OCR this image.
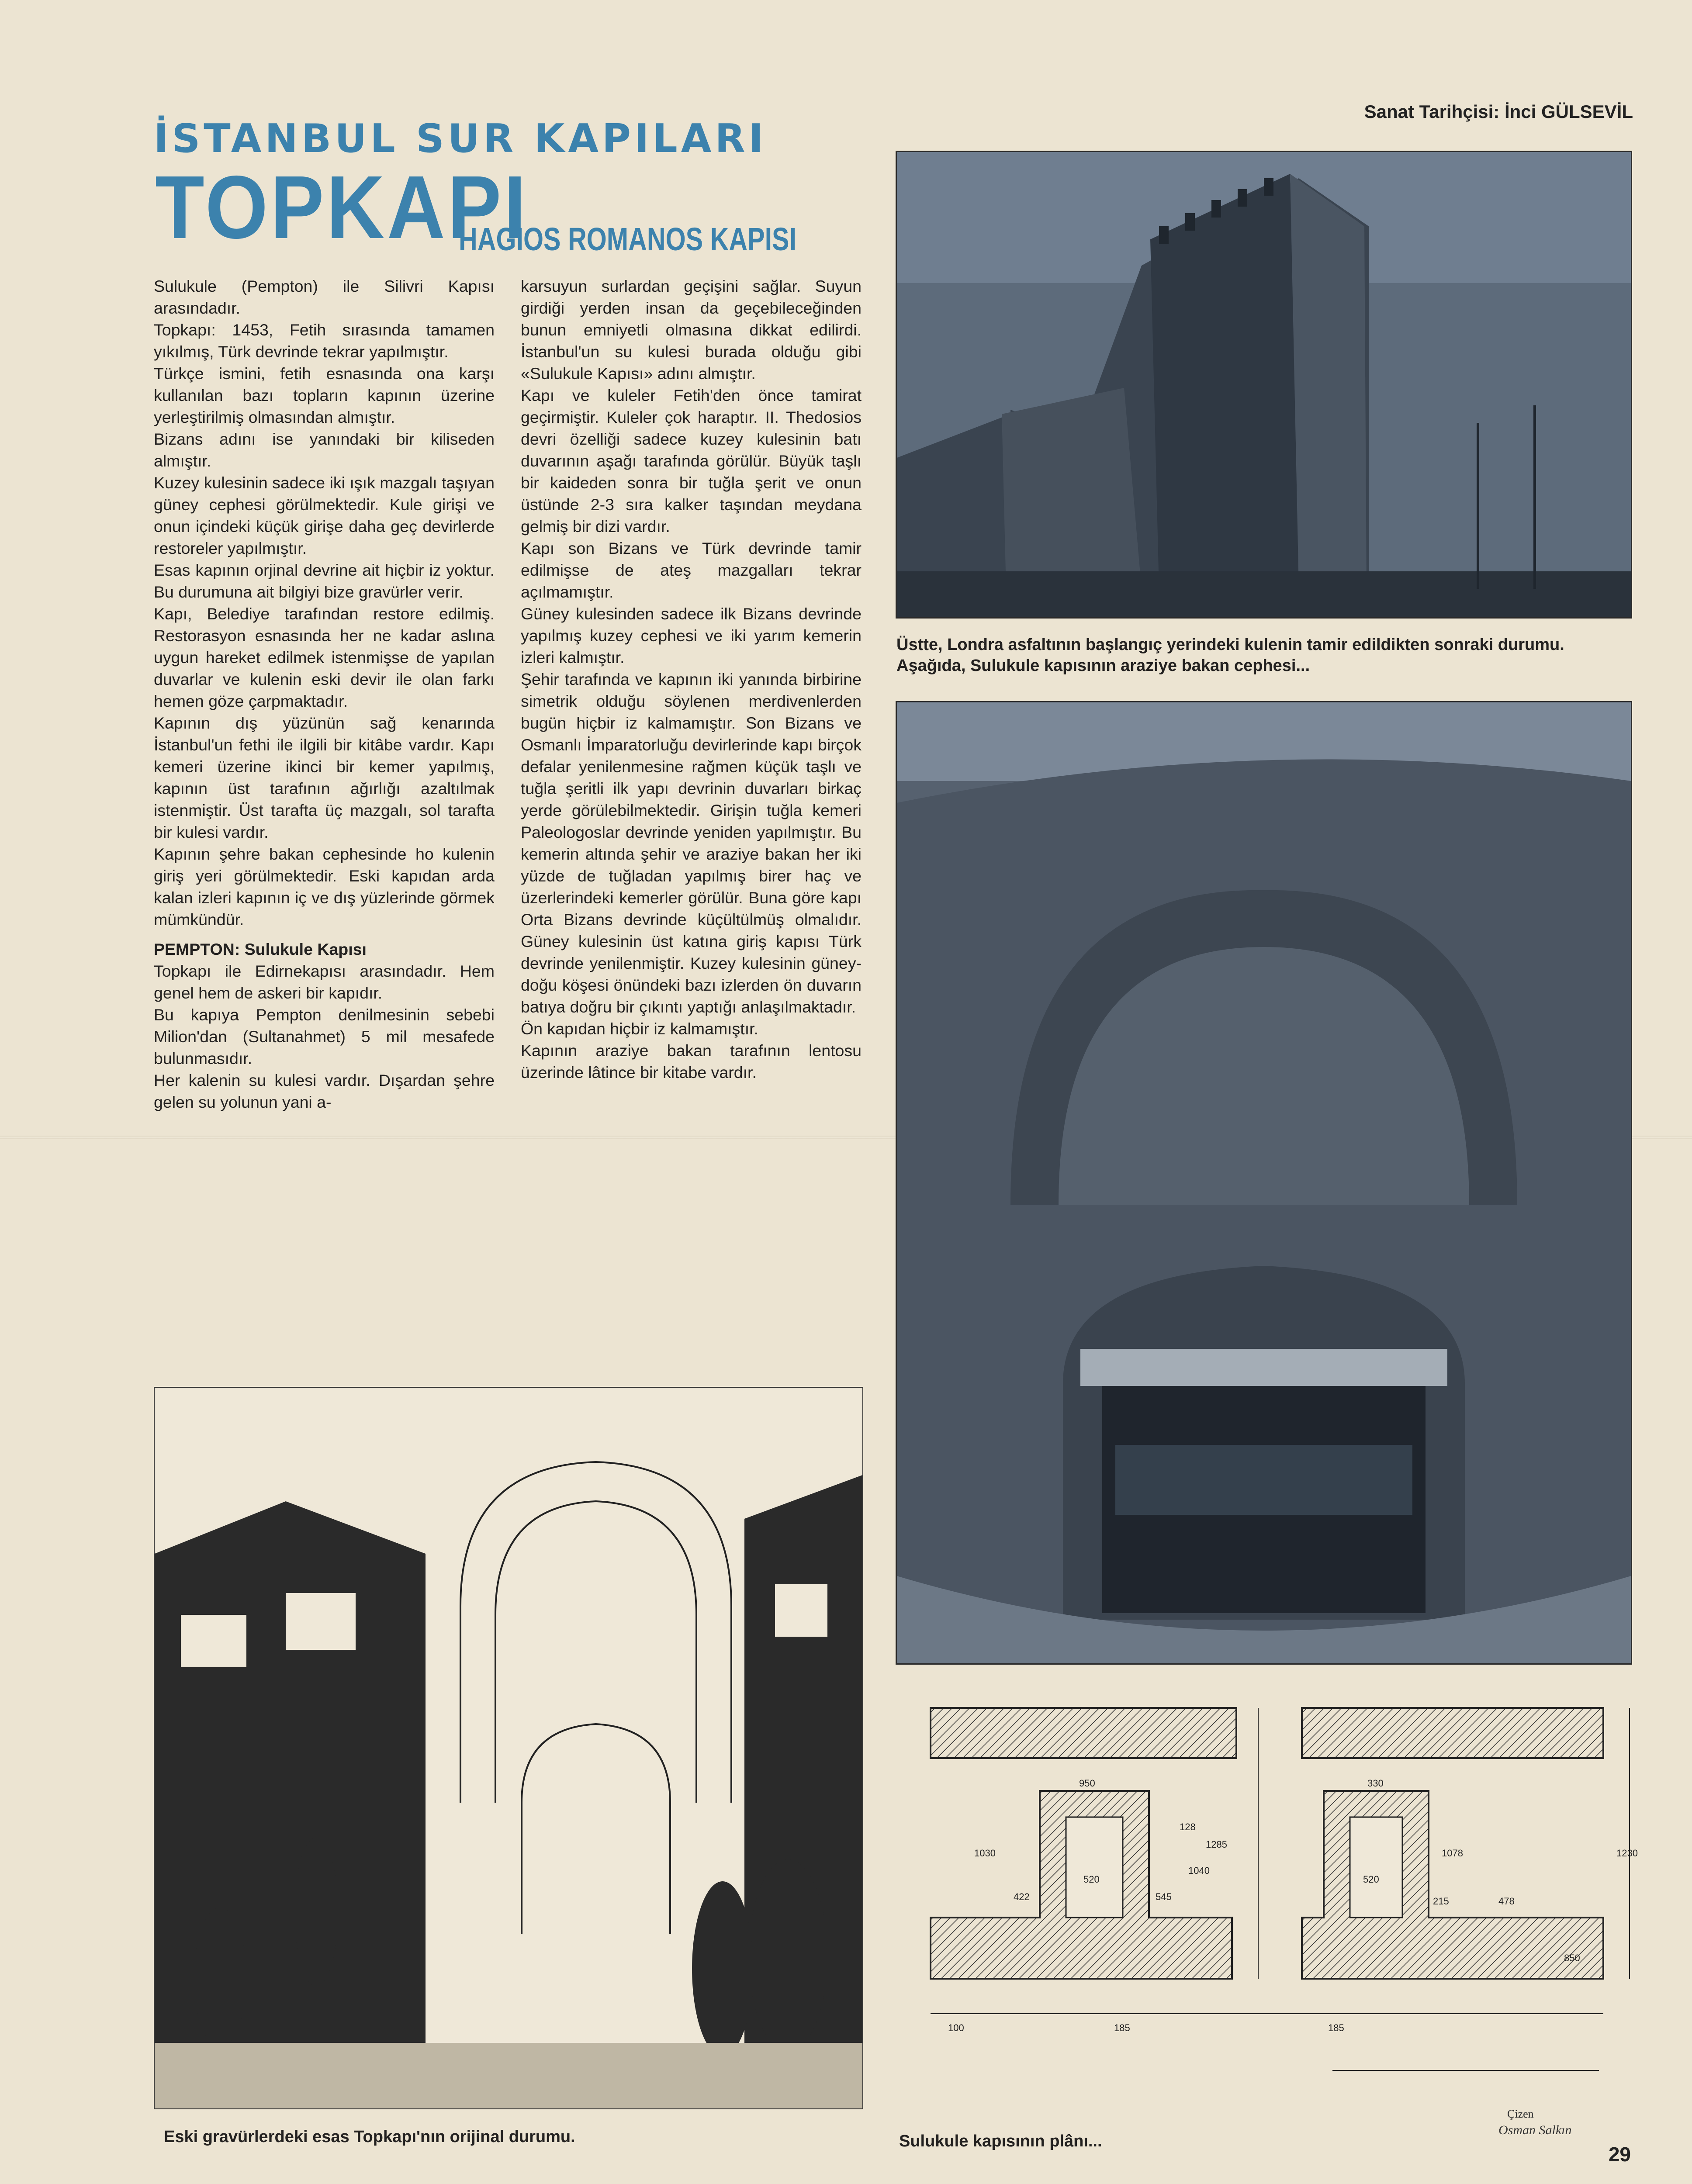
İSTANBUL SUR KAPILARI
TOPKAPI
HAGIOS ROMANOS KAPISI
Sanat Tarihçisi: İnci GÜLSEVİL

Sulukule (Pempton) ile Silivri Kapısı arasındadır.

Topkapı: 1453, Fetih sırasında tamamen yıkılmış, Türk devrinde tekrar yapılmıştır.

Türkçe ismini, fetih esnasında ona karşı kullanılan bazı topların kapının üzerine yerleştirilmiş olmasından almıştır.

Bizans adını ise yanındaki bir kiliseden almıştır.

Kuzey kulesinin sadece iki ışık mazgalı taşıyan güney cephesi görülmektedir. Kule girişi ve onun içindeki küçük girişe daha geç devirlerde restoreler yapılmıştır.

Esas kapının orjinal devrine ait hiçbir iz yoktur. Bu durumuna ait bilgiyi bize gravürler verir.

Kapı, Belediye tarafından restore edilmiş. Restorasyon esnasında her ne kadar aslına uygun hareket edilmek istenmişse de yapılan duvarlar ve kulenin eski devir ile olan farkı hemen göze çarpmaktadır.

Kapının dış yüzünün sağ kenarında İstanbul'un fethi ile ilgili bir kitâbe vardır. Kapı kemeri üzerine ikinci bir kemer yapılmış, kapının üst tarafının ağırlığı azaltılmak istenmiştir. Üst tarafta üç mazgalı, sol tarafta bir kulesi vardır.

Kapının şehre bakan cephesinde ho kulenin giriş yeri görülmektedir. Eski kapıdan arda kalan izleri kapının iç ve dış yüzlerinde görmek mümkündür.

PEMPTON: Sulukule Kapısı

Topkapı ile Edirnekapısı arasındadır. Hem genel hem de askeri bir kapıdır.

Bu kapıya Pempton denilmesinin sebebi Milion'dan (Sultanahmet) 5 mil mesafede bulunmasıdır.

Her kalenin su kulesi vardır. Dışardan şehre gelen su yolunun yani a-

karsuyun surlardan geçişini sağlar. Suyun girdiği yerden insan da geçebileceğinden bunun emniyetli olmasına dikkat edilirdi. İstanbul'un su kulesi burada olduğu gibi «Sulukule Kapısı» adını almıştır.

Kapı ve kuleler Fetih'den önce tamirat geçirmiştir. Kuleler çok haraptır. II. Thedosios devri özelliği sadece kuzey kulesinin batı duvarının aşağı tarafında görülür. Büyük taşlı bir kaideden sonra bir tuğla şerit ve onun üstünde 2-3 sıra kalker taşından meydana gelmiş bir dizi vardır.

Kapı son Bizans ve Türk devrinde tamir edilmişse de ateş mazgalları tekrar açılmamıştır.

Güney kulesinden sadece ilk Bizans devrinde yapılmış kuzey cephesi ve iki yarım kemerin izleri kalmıştır.

Şehir tarafında ve kapının iki yanında birbirine simetrik olduğu söylenen merdivenlerden bugün hiçbir iz kalmamıştır. Son Bizans ve Osmanlı İmparatorluğu devirlerinde kapı birçok defalar yenilenmesine rağmen küçük taşlı ve tuğla şeritli ilk yapı devrinin duvarları birkaç yerde görülebilmektedir. Girişin tuğla kemeri Paleologoslar devrinde yeniden yapılmıştır. Bu kemerin altında şehir ve araziye bakan her iki yüzde de tuğladan yapılmış birer haç ve üzerlerindeki kemerler görülür. Buna göre kapı Orta Bizans devrinde küçültülmüş olmalıdır. Güney kulesinin üst katına giriş kapısı Türk devrinde yenilenmiştir. Kuzey kulesinin güney-doğu köşesi önündeki bazı izlerden ön duvarın batıya doğru bir çıkıntı yaptığı anlaşılmaktadır.

Ön kapıdan hiçbir iz kalmamıştır.

Kapının araziye bakan tarafının lentosu üzerinde lâtince bir kitabe vardır.

Üstte, Londra asfaltının başlangıç yerindeki kulenin tamir edildikten sonraki durumu. Aşağıda, Sulukule kapısının araziye bakan cephesi...
Eski gravürlerdeki esas Topkapı'nın orijinal durumu.
950
422	545
128
520
1285
1040
1030
100	185
330
1078	1230
215	478
185
520
850
Çizen
Osman Salkın
Sulukule kapısının plânı...
29
